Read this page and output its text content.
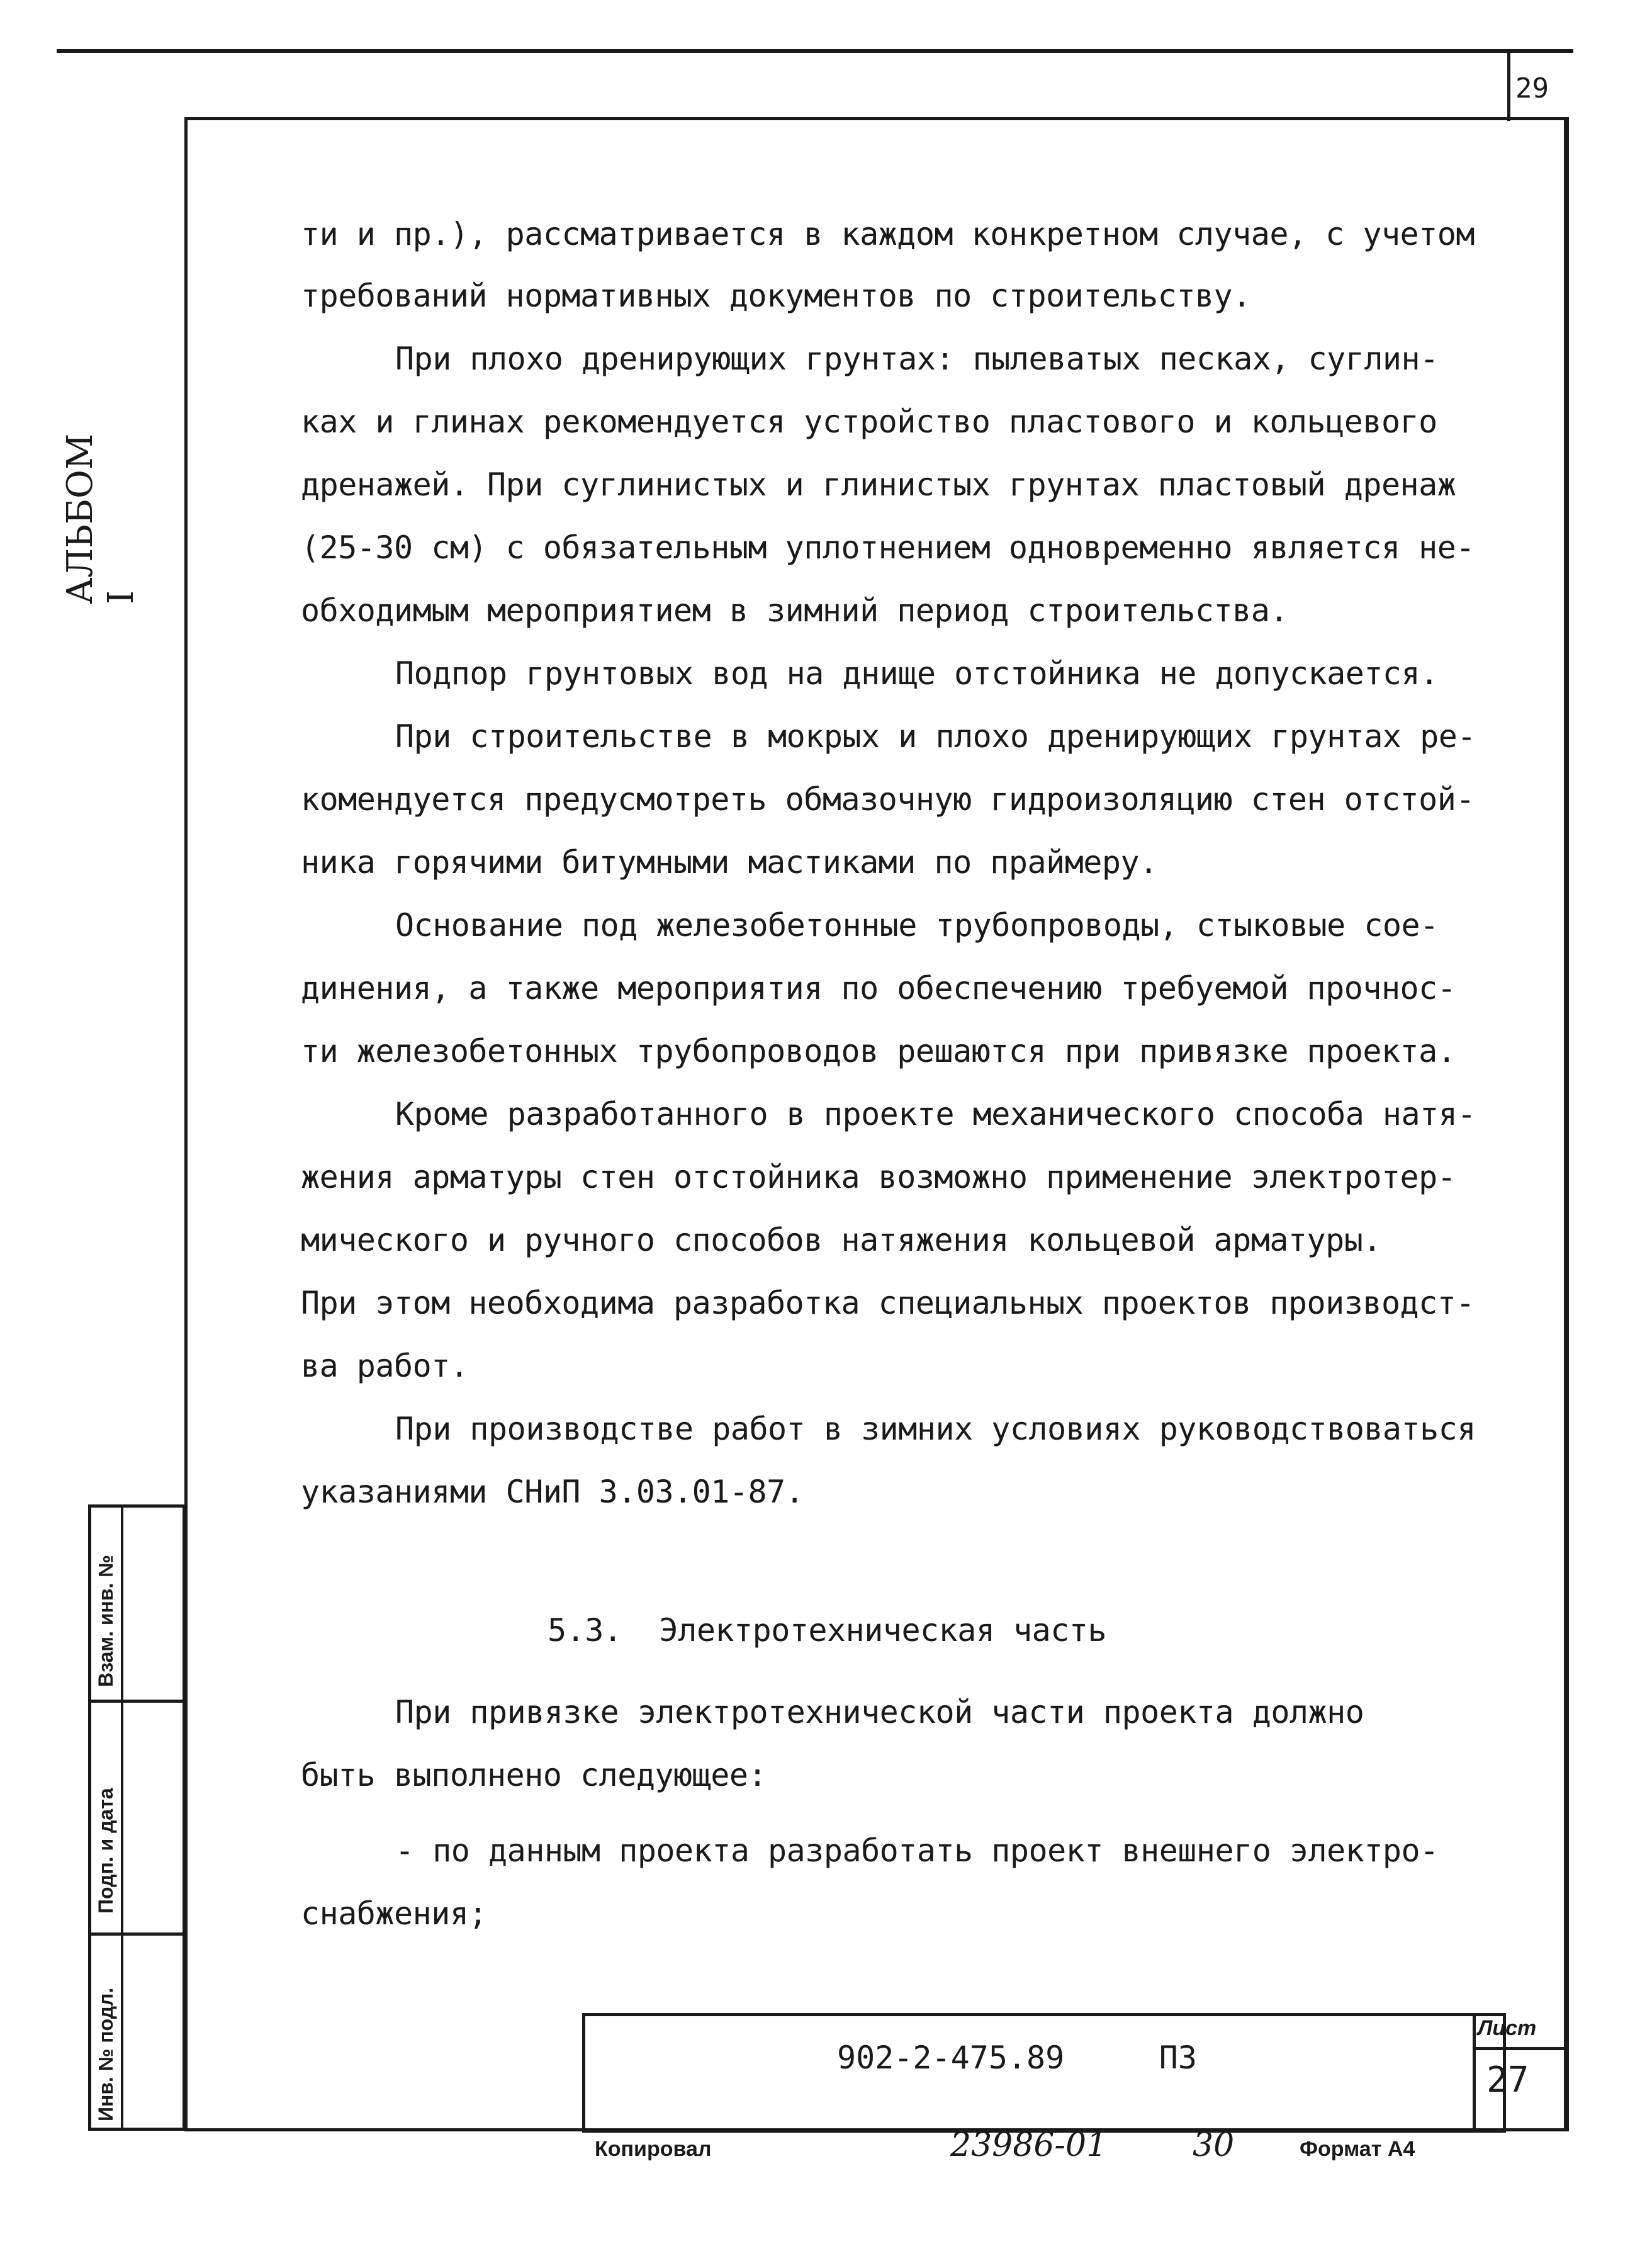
29
АЛЬБОМ I
ти и пр.), рассматривается в каждом конкретном случае, с учетом
требований нормативных документов по строительству.
При плохо дренирующих грунтах: пылеватых песках, суглин-
ках и глинах рекомендуется устройство пластового и кольцевого
дренажей. При суглинистых и глинистых грунтах пластовый дренаж
(25-30 см) с обязательным уплотнением одновременно является не-
обходимым мероприятием в зимний период строительства.
Подпор грунтовых вод на днище отстойника не допускается.
При строительстве в мокрых и плохо дренирующих грунтах ре-
комендуется предусмотреть обмазочную гидроизоляцию стен отстой-
ника горячими битумными мастиками по праймеру.
Основание под железобетонные трубопроводы, стыковые сое-
динения, а также мероприятия по обеспечению требуемой прочнос-
ти железобетонных трубопроводов решаются при привязке проекта.
Кроме разработанного в проекте механического способа натя-
жения арматуры стен отстойника возможно применение электротер-
мического и ручного способов натяжения кольцевой арматуры.
При этом необходима разработка специальных проектов производст-
ва работ.
При производстве работ в зимних условиях руководствоваться
указаниями СНиП 3.03.01-87.
5.3.  Электротехническая часть
При привязке электротехнической части проекта должно
быть выполнено следующее:
- по данным проекта разработать проект внешнего электро-
снабжения;
Взам. инв. №
Подп. и дата
Инв. № подл.	902-2-475.89     ПЗ
Лист
27
Копировал	23986-01	30	Формат А4
